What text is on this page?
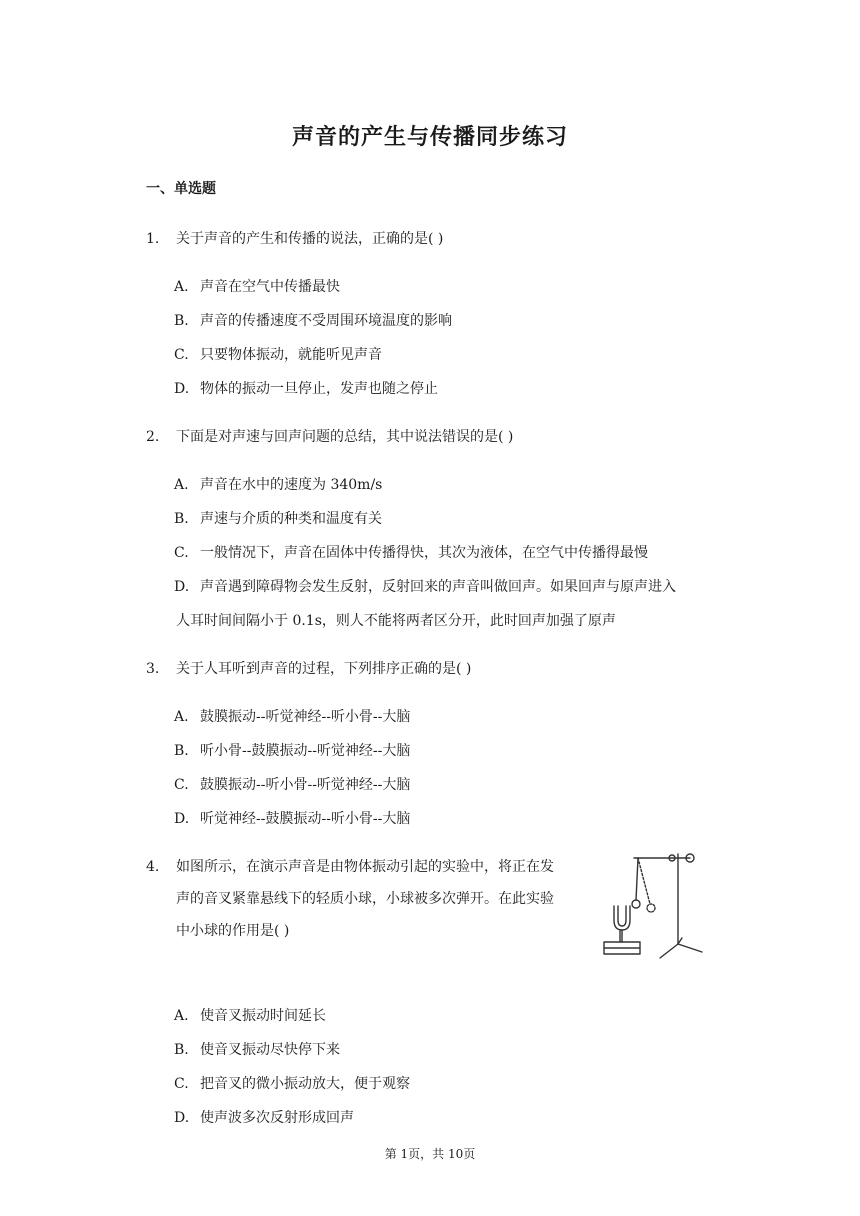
声音的产生与传播同步练习
一、单选题
1.	关于声音的产生和传播的说法，正确的是( )
A. 声音在空气中传播最快
B. 声音的传播速度不受周围环境温度的影响
C. 只要物体振动，就能听见声音
D. 物体的振动一旦停止，发声也随之停止
2.	下面是对声速与回声问题的总结，其中说法错误的是( )
A. 声音在水中的速度为 340m/s
B. 声速与介质的种类和温度有关
C. 一般情况下，声音在固体中传播得快，其次为液体，在空气中传播得最慢
D. 声音遇到障碍物会发生反射，反射回来的声音叫做回声。如果回声与原声进入
人耳时间间隔小于 0.1s，则人不能将两者区分开，此时回声加强了原声
3.	关于人耳听到声音的过程，下列排序正确的是( )
A. 鼓膜振动--听觉神经--听小骨--大脑
B. 听小骨--鼓膜振动--听觉神经--大脑
C. 鼓膜振动--听小骨--听觉神经--大脑
D. 听觉神经--鼓膜振动--听小骨--大脑
4.	如图所示，在演示声音是由物体振动引起的实验中，将正在发
声的音叉紧靠悬线下的轻质小球，小球被多次弹开。在此实验
中小球的作用是( )
A. 使音叉振动时间延长
B. 使音叉振动尽快停下来
C. 把音叉的微小振动放大，便于观察
D. 使声波多次反射形成回声
第 1页，共 10页
